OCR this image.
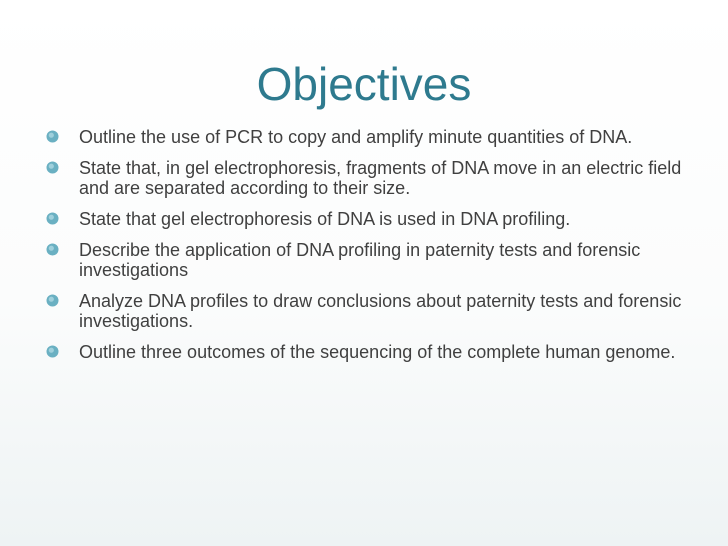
Objectives
Outline the use of PCR to copy and amplify minute quantities of DNA.
State that, in gel electrophoresis, fragments of DNA move in an electric field and are separated according to their size.
State that gel electrophoresis of DNA is used in DNA profiling.
Describe the application of DNA profiling in paternity tests and forensic investigations
Analyze DNA profiles to draw conclusions about paternity tests and forensic investigations.
Outline three outcomes of the sequencing of the complete human genome.
